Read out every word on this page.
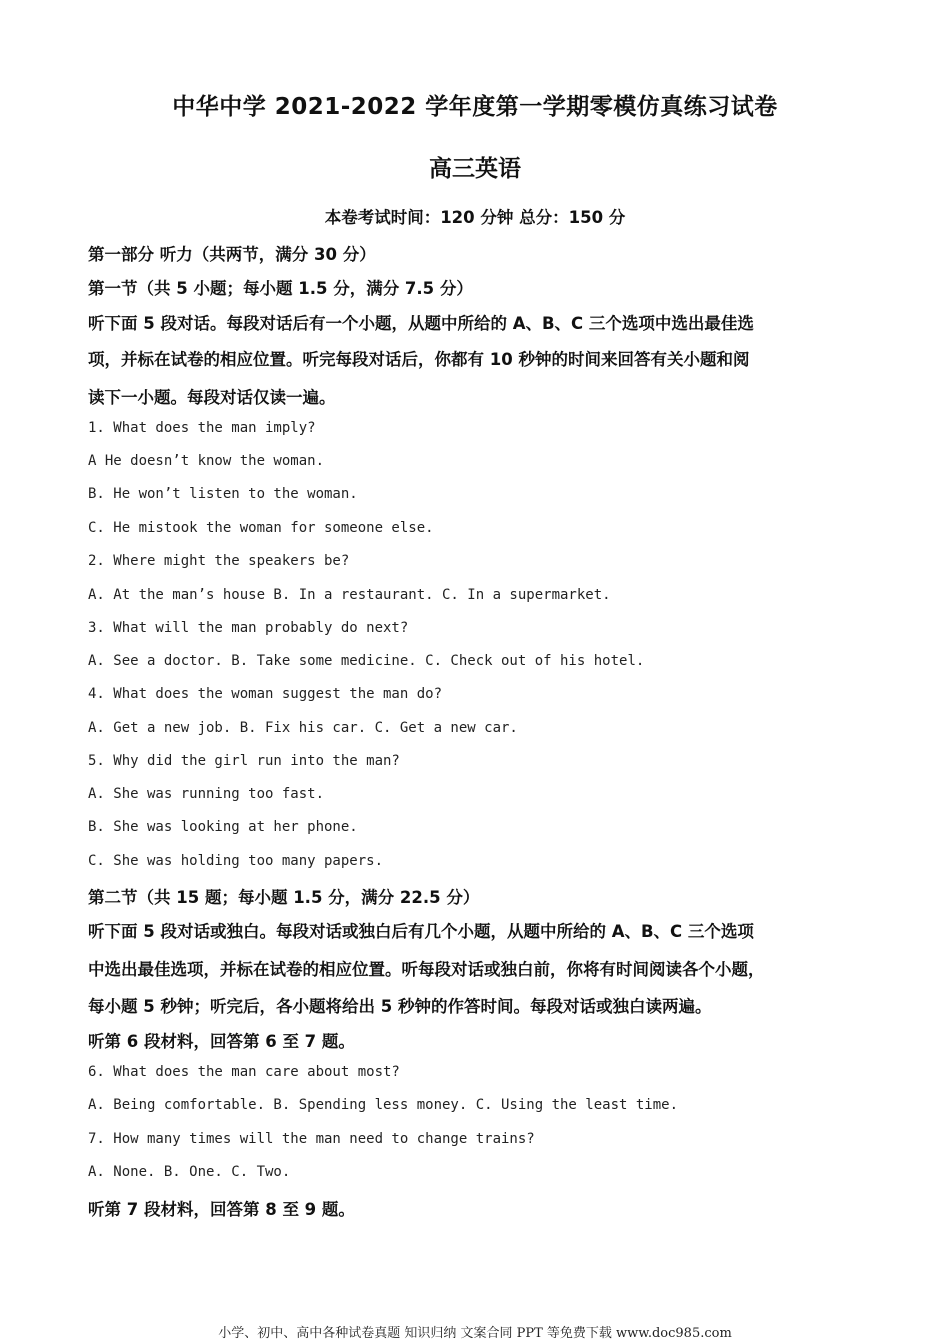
中华中学 2021-2022 学年度第一学期零模仿真练习试卷
高三英语
本卷考试时间：120 分钟 总分：150 分
第一部分 听力（共两节，满分 30 分）
第一节（共 5 小题；每小题 1.5 分，满分 7.5 分）
听下面 5 段对话。每段对话后有一个小题，从题中所给的 A、B、C 三个选项中选出最佳选
项，并标在试卷的相应位置。听完每段对话后，你都有 10 秒钟的时间来回答有关小题和阅
读下一小题。每段对话仅读一遍。
1. What does the man imply?
A He doesn’t know the woman.
B. He won’t listen to the woman.
C. He mistook the woman for someone else.
2. Where might the speakers be?
A. At the man’s house B. In a restaurant. C. In a supermarket.
3. What will the man probably do next?
A. See a doctor. B. Take some medicine. C. Check out of his hotel.
4. What does the woman suggest the man do?
A. Get a new job. B. Fix his car. C. Get a new car.
5. Why did the girl run into the man?
A. She was running too fast.
B. She was looking at her phone.
C. She was holding too many papers.
第二节（共 15 题；每小题 1.5 分，满分 22.5 分）
听下面 5 段对话或独白。每段对话或独白后有几个小题，从题中所给的 A、B、C 三个选项
中选出最佳选项，并标在试卷的相应位置。听每段对话或独白前，你将有时间阅读各个小题，
每小题 5 秒钟；听完后，各小题将给出 5 秒钟的作答时间。每段对话或独白读两遍。
听第 6 段材料，回答第 6 至 7 题。
6. What does the man care about most?
A. Being comfortable. B. Spending less money. C. Using the least time.
7. How many times will the man need to change trains?
A. None. B. One. C. Two.
听第 7 段材料，回答第 8 至 9 题。
小学、初中、高中各种试卷真题 知识归纳 文案合同 PPT 等免费下载 www.doc985.com
